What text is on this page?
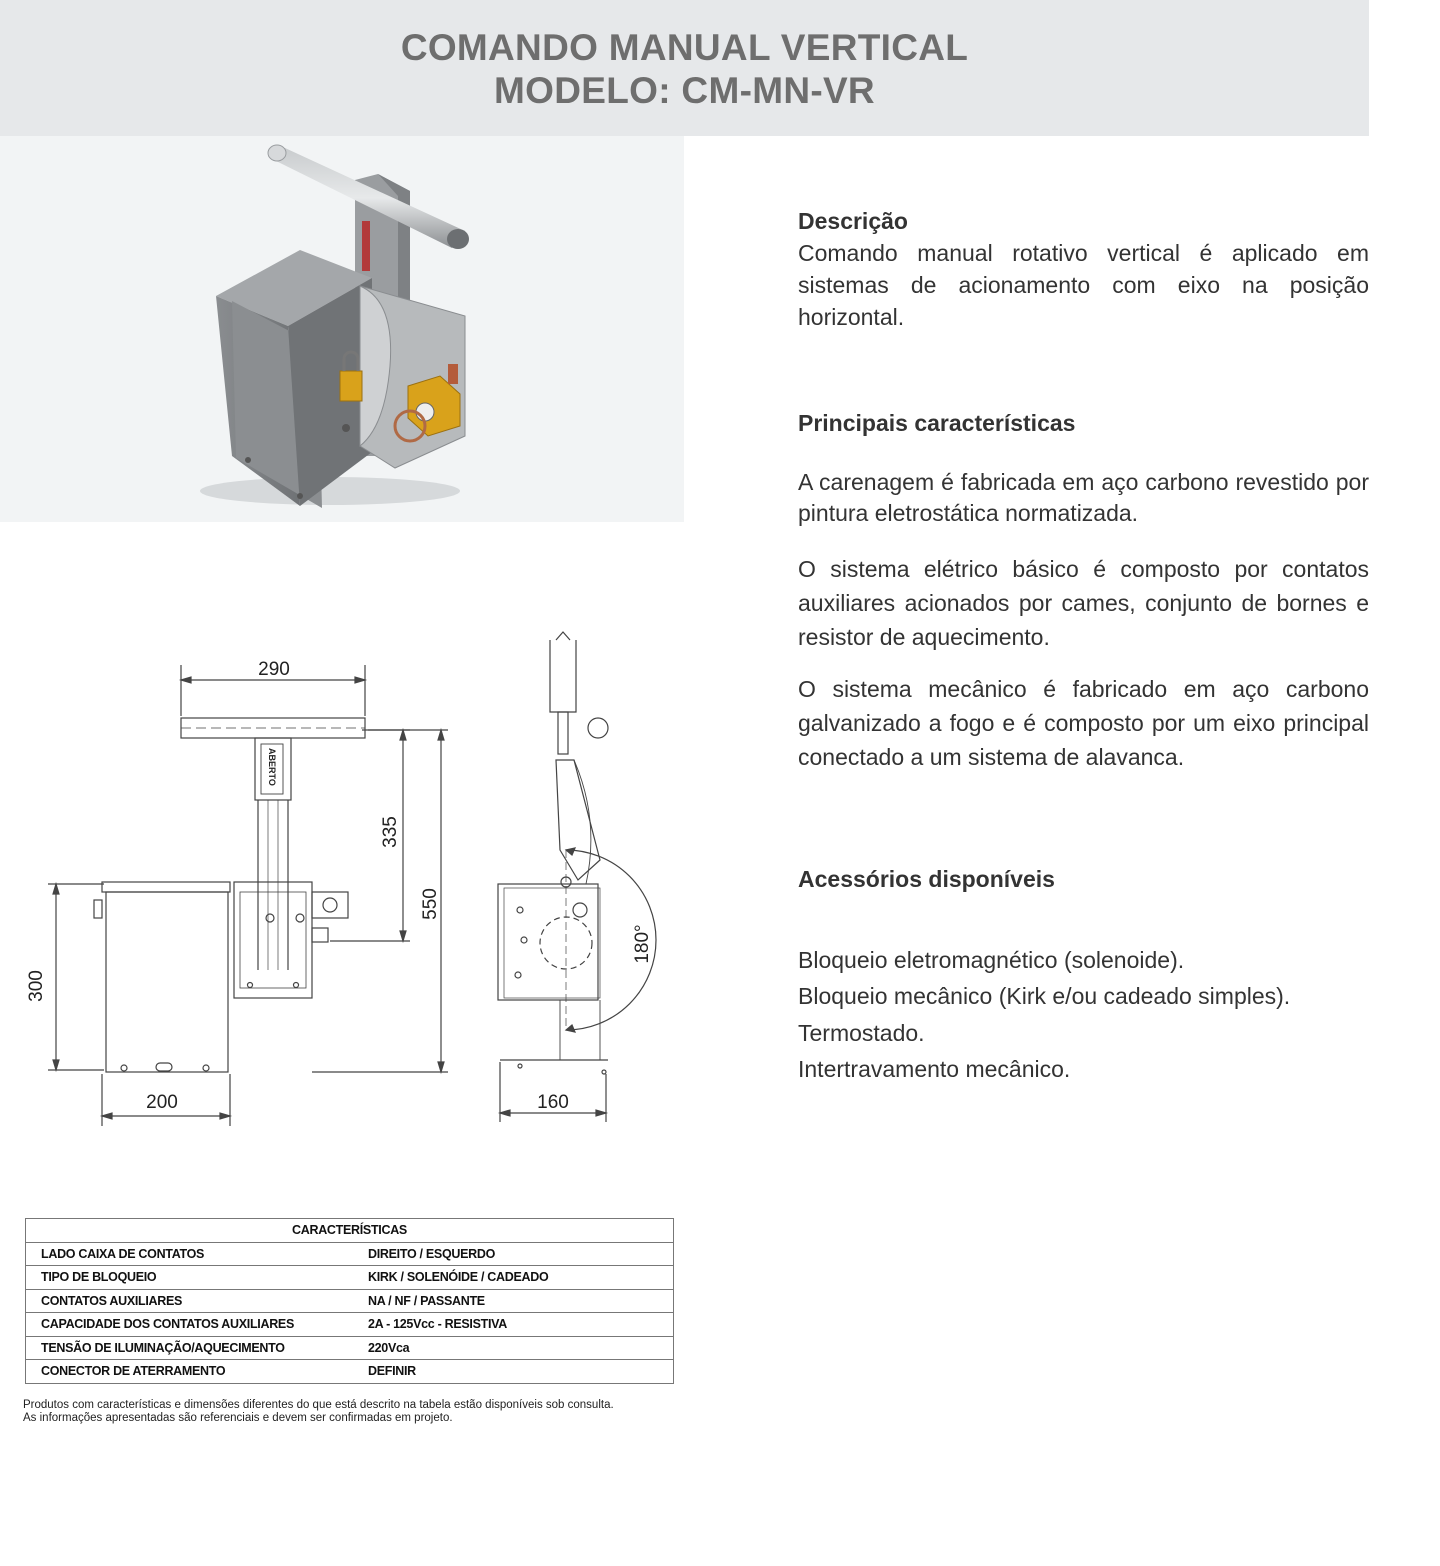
COMANDO MANUAL VERTICAL
MODELO: CM-MN-VR
290
335
550
300
200	160
180°
ABERTO
Descrição
Comando manual rotativo vertical é aplicado em sistemas de acionamento com eixo na posição horizontal.
Principais características
A carenagem é fabricada em aço carbono revestido por pintura eletrostática normatizada.
O sistema elétrico básico é composto por contatos auxiliares acionados por cames, conjunto de bornes e resistor de aquecimento.
O sistema mecânico é fabricado em aço carbono galvanizado a fogo e é composto por um eixo principal conectado a um sistema de alavanca.
Acessórios disponíveis
Bloqueio eletromagnético (solenoide).
Bloqueio mecânico (Kirk e/ou cadeado simples).
Termostado.
Intertravamento mecânico.
CARACTERÍSTICAS	
LADO CAIXA DE CONTATOS	DIREITO / ESQUERDO
TIPO DE BLOQUEIO	KIRK / SOLENÓIDE / CADEADO
CONTATOS AUXILIARES	NA / NF / PASSANTE
CAPACIDADE DOS CONTATOS AUXILIARES	2A - 125Vcc - RESISTIVA
TENSÃO DE ILUMINAÇÃO/AQUECIMENTO	220Vca
CONECTOR DE ATERRAMENTO	DEFINIR
Produtos com características e dimensões diferentes do que está descrito na tabela estão disponíveis sob consulta.
As informações apresentadas são referenciais e devem ser confirmadas em projeto.
